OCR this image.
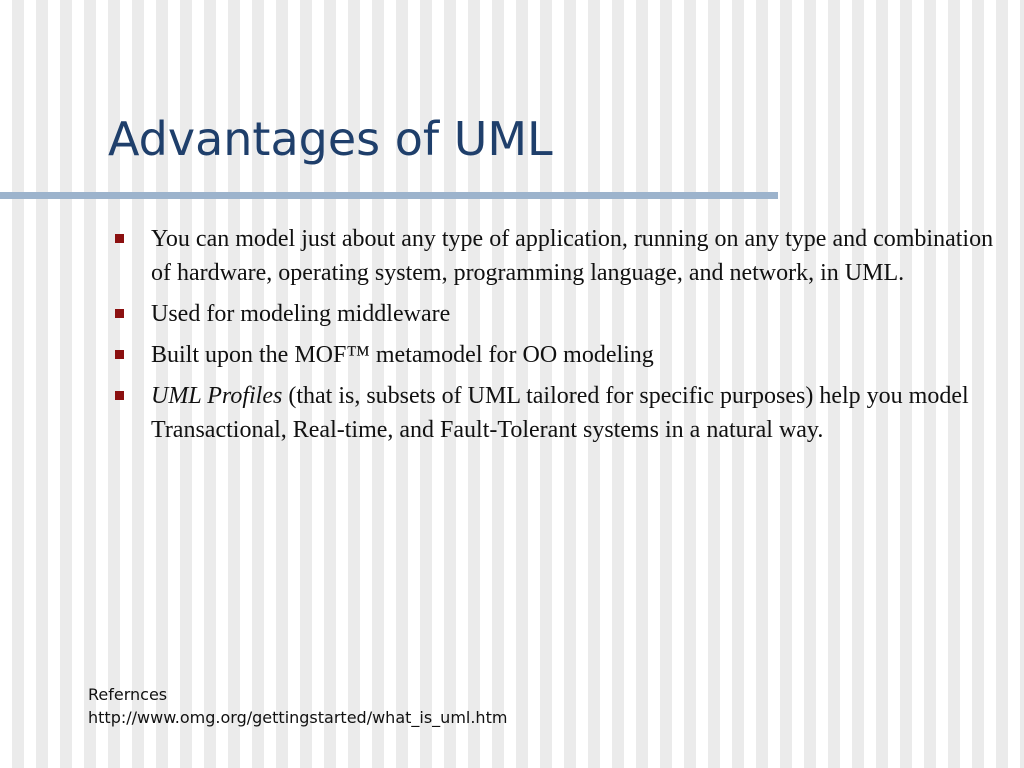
Advantages of UML
You can model just about any type of application, running on any type and combination of hardware, operating system, programming language, and network, in UML.
Used for modeling middleware
Built upon the MOF™ metamodel for OO modeling
UML Profiles (that is, subsets of UML tailored for specific purposes) help you model Transactional, Real-time, and Fault-Tolerant systems in a natural way.
Refernces
http://www.omg.org/gettingstarted/what_is_uml.htm
